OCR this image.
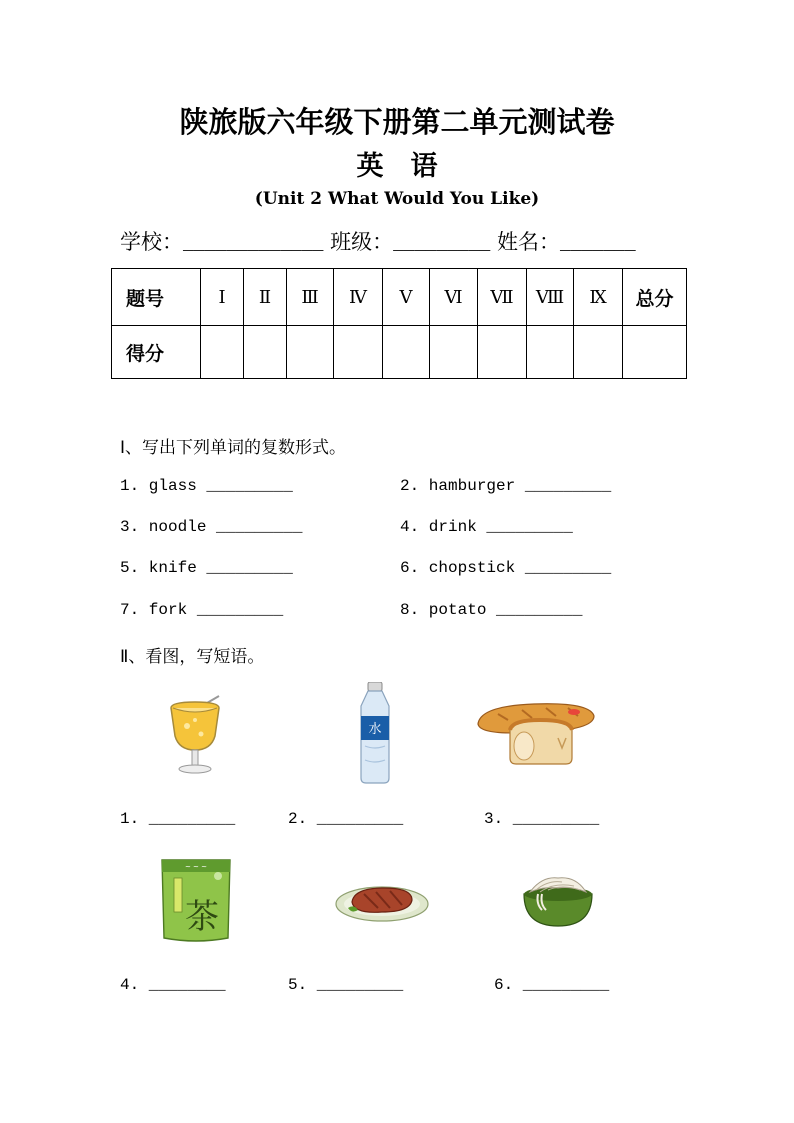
陕旅版六年级下册第二单元测试卷
英　语
(Unit 2 What Would You Like)
学校：_____________ 班级：_________ 姓名：_______
题号	Ⅰ	Ⅱ	Ⅲ	Ⅳ	Ⅴ	Ⅵ	Ⅶ	Ⅷ	Ⅸ	总分
得分										
Ⅰ、写出下列单词的复数形式。
1. glass _________	2. hamburger _________
3. noodle _________	4. drink _________
5. knife _________	6. chopstick _________
7. fork _________	8. potato _________
Ⅱ、看图，写短语。
水
1. _________	2. _________	3. _________
~ ~ ~
茶
4. ________	5. _________	6. _________
